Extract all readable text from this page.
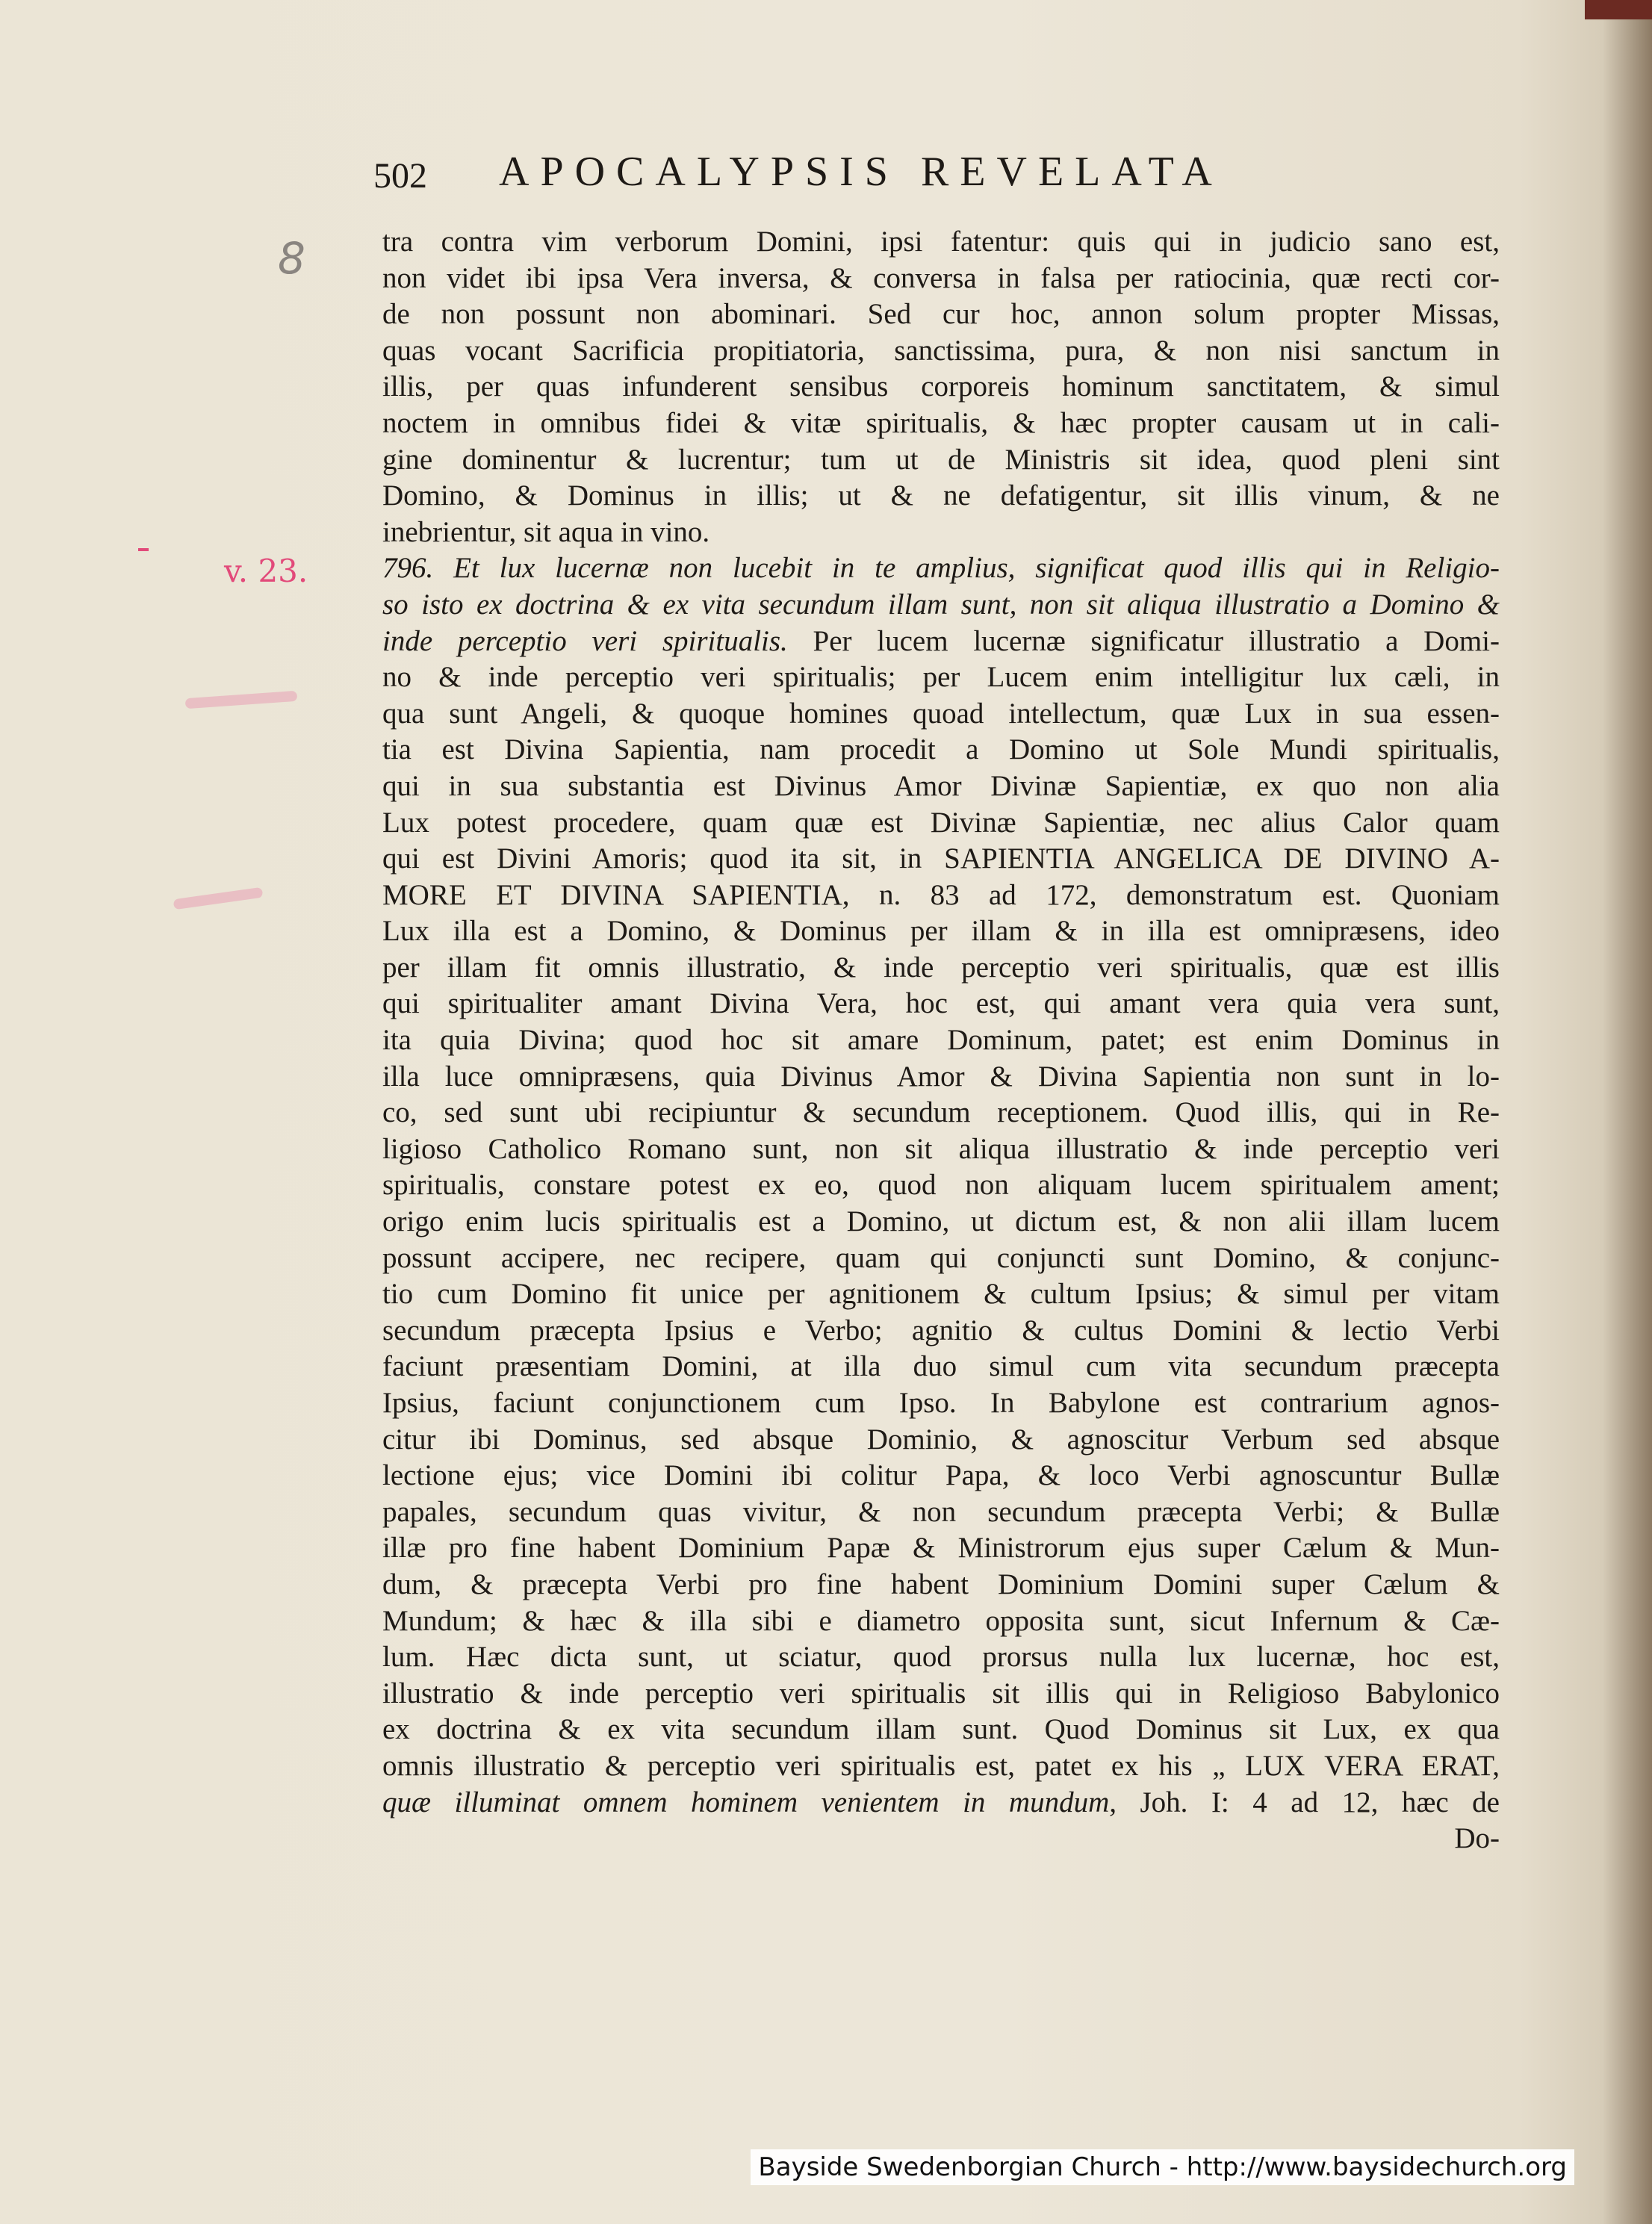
502 APOCALYPSIS REVELATA
8
v. 23.
tra contra vim verborum Domini, ipsi fatentur: quis qui in judicio sano est,
non videt ibi ipsa Vera inversa, & conversa in falsa per ratiocinia, quæ recti cor-
de non possunt non abominari. Sed cur hoc, annon solum propter Missas,
quas vocant Sacrificia propitiatoria, sanctissima, pura, & non nisi sanctum in
illis, per quas infunderent sensibus corporeis hominum sanctitatem, & simul
noctem in omnibus fidei & vitæ spiritualis, & hæc propter causam ut in cali-
gine dominentur & lucrentur; tum ut de Ministris sit idea, quod pleni sint
Domino, & Dominus in illis; ut & ne defatigentur, sit illis vinum, & ne
inebrientur, sit aqua in vino.
796. Et lux lucernæ non lucebit in te amplius, significat quod illis qui in Religio-
so isto ex doctrina & ex vita secundum illam sunt, non sit aliqua illustratio a Domino &
inde perceptio veri spiritualis. Per lucem lucernæ significatur illustratio a Domi-
no & inde perceptio veri spiritualis; per Lucem enim intelligitur lux cæli, in
qua sunt Angeli, & quoque homines quoad intellectum, quæ Lux in sua essen-
tia est Divina Sapientia, nam procedit a Domino ut Sole Mundi spiritualis,
qui in sua substantia est Divinus Amor Divinæ Sapientiæ, ex quo non alia
Lux potest procedere, quam quæ est Divinæ Sapientiæ, nec alius Calor quam
qui est Divini Amoris; quod ita sit, in SAPIENTIA ANGELICA DE DIVINO A-
MORE ET DIVINA SAPIENTIA, n. 83 ad 172, demonstratum est. Quoniam
Lux illa est a Domino, & Dominus per illam & in illa est omnipræsens, ideo
per illam fit omnis illustratio, & inde perceptio veri spiritualis, quæ est illis
qui spiritualiter amant Divina Vera, hoc est, qui amant vera quia vera sunt,
ita quia Divina; quod hoc sit amare Dominum, patet; est enim Dominus in
illa luce omnipræsens, quia Divinus Amor & Divina Sapientia non sunt in lo-
co, sed sunt ubi recipiuntur & secundum receptionem. Quod illis, qui in Re-
ligioso Catholico Romano sunt, non sit aliqua illustratio & inde perceptio veri
spiritualis, constare potest ex eo, quod non aliquam lucem spiritualem ament;
origo enim lucis spiritualis est a Domino, ut dictum est, & non alii illam lucem
possunt accipere, nec recipere, quam qui conjuncti sunt Domino, & conjunc-
tio cum Domino fit unice per agnitionem & cultum Ipsius; & simul per vitam
secundum præcepta Ipsius e Verbo; agnitio & cultus Domini & lectio Verbi
faciunt præsentiam Domini, at illa duo simul cum vita secundum præcepta
Ipsius, faciunt conjunctionem cum Ipso. In Babylone est contrarium agnos-
citur ibi Dominus, sed absque Dominio, & agnoscitur Verbum sed absque
lectione ejus; vice Domini ibi colitur Papa, & loco Verbi agnoscuntur Bullæ
papales, secundum quas vivitur, & non secundum præcepta Verbi; & Bullæ
illæ pro fine habent Dominium Papæ & Ministrorum ejus super Cælum & Mun-
dum, & præcepta Verbi pro fine habent Dominium Domini super Cælum &
Mundum; & hæc & illa sibi e diametro opposita sunt, sicut Infernum & Cæ-
lum. Hæc dicta sunt, ut sciatur, quod prorsus nulla lux lucernæ, hoc est,
illustratio & inde perceptio veri spiritualis sit illis qui in Religioso Babylonico
ex doctrina & ex vita secundum illam sunt. Quod Dominus sit Lux, ex qua
omnis illustratio & perceptio veri spiritualis est, patet ex his „ LUX VERA ERAT,
quæ illuminat omnem hominem venientem in mundum, Joh. I: 4 ad 12, hæc de
Do-
Bayside Swedenborgian Church - http://www.baysidechurch.org
